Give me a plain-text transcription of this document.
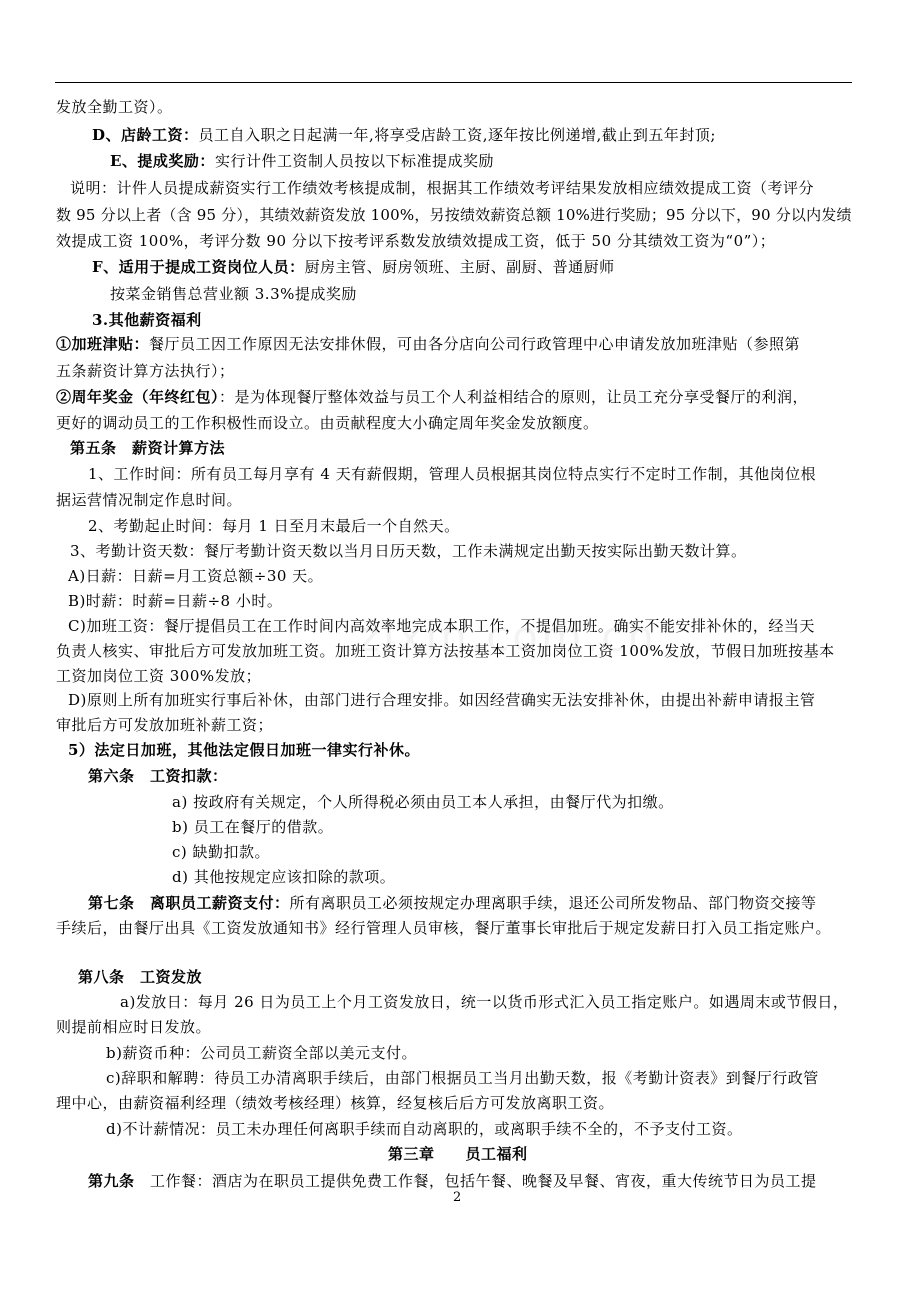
发放全勤工资）。
D、店龄工资：员工自入职之日起满一年,将享受店龄工资,逐年按比例递增,截止到五年封顶;
E、提成奖励：实行计件工资制人员按以下标准提成奖励
说明：计件人员提成薪资实行工作绩效考核提成制，根据其工作绩效考评结果发放相应绩效提成工资（考评分
数 95 分以上者（含 95 分），其绩效薪资发放 100%，另按绩效薪资总额 10%进行奖励；95 分以下，90 分以内发绩
效提成工资 100%，考评分数 90 分以下按考评系数发放绩效提成工资，低于 50 分其绩效工资为“0”）；
F、适用于提成工资岗位人员：厨房主管、厨房领班、主厨、副厨、普通厨师
按菜金销售总营业额 3.3%提成奖励
3.其他薪资福利
①加班津贴：餐厅员工因工作原因无法安排休假，可由各分店向公司行政管理中心申请发放加班津贴（参照第
五条薪资计算方法执行）；
②周年奖金（年终红包）：是为体现餐厅整体效益与员工个人利益相结合的原则，让员工充分享受餐厅的利润，
更好的调动员工的工作积极性而设立。由贡献程度大小确定周年奖金发放额度。
第五条　薪资计算方法
1、工作时间：所有员工每月享有 4 天有薪假期，管理人员根据其岗位特点实行不定时工作制，其他岗位根
据运营情况制定作息时间。
2、考勤起止时间：每月 1 日至月末最后一个自然天。
3、考勤计资天数：餐厅考勤计资天数以当月日历天数，工作未满规定出勤天按实际出勤天数计算。
A)日薪：日薪=月工资总额÷30 天。
B)时薪：时薪=日薪÷8 小时。
C)加班工资：餐厅提倡员工在工作时间内高效率地完成本职工作，不提倡加班。确实不能安排补休的，经当天
负责人核实、审批后方可发放加班工资。加班工资计算方法按基本工资加岗位工资 100%发放，节假日加班按基本
工资加岗位工资 300%发放；
D)原则上所有加班实行事后补休，由部门进行合理安排。如因经营确实无法安排补休，由提出补薪申请报主管
审批后方可发放加班补薪工资；
5）法定日加班，其他法定假日加班一律实行补休。
第六条　工资扣款：
a) 按政府有关规定，个人所得税必须由员工本人承担，由餐厅代为扣缴。
b) 员工在餐厅的借款。
c) 缺勤扣款。
d) 其他按规定应该扣除的款项。
第七条　离职员工薪资支付：所有离职员工必须按规定办理离职手续，退还公司所发物品、部门物资交接等
手续后，由餐厅出具《工资发放通知书》经行管理人员审核，餐厅董事长审批后于规定发薪日打入员工指定账户。
第八条　工资发放
a)发放日：每月 26 日为员工上个月工资发放日，统一以货币形式汇入员工指定账户。如遇周末或节假日，
则提前相应时日发放。
b)薪资币种：公司员工薪资全部以美元支付。
c)辞职和解聘：待员工办清离职手续后，由部门根据员工当月出勤天数，报《考勤计资表》到餐厅行政管
理中心，由薪资福利经理（绩效考核经理）核算，经复核后后方可发放离职工资。
d)不计薪情况：员工未办理任何离职手续而自动离职的，或离职手续不全的，不予支付工资。
第三章　　员工福利
第九条　工作餐：酒店为在职员工提供免费工作餐，包括午餐、晚餐及早餐、宵夜，重大传统节日为员工提
2
